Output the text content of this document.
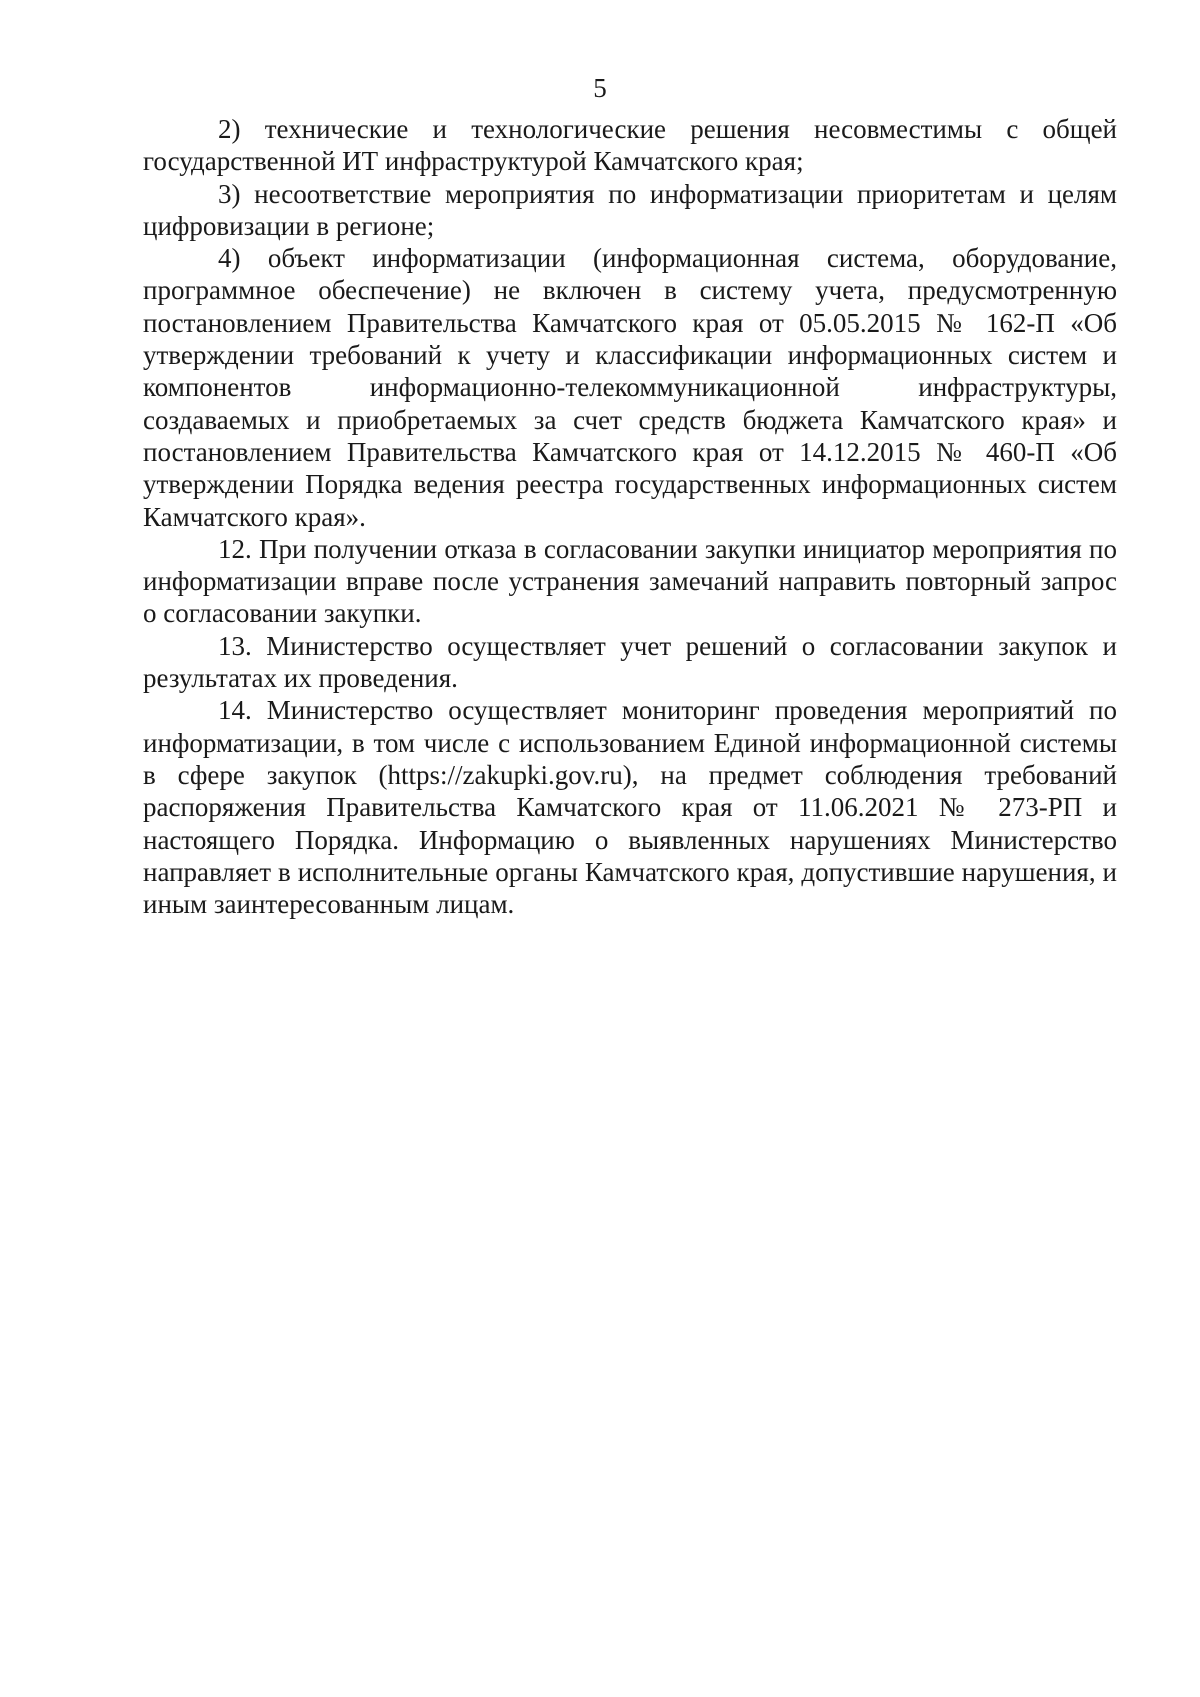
5

2) технические и технологические решения несовместимы с общей государственной ИТ инфраструктурой Камчатского края;

3) несоответствие мероприятия по информатизации приоритетам и целям цифровизации в регионе;

4) объект информатизации (информационная система, оборудование, программное обеспечение) не включен в систему учета, предусмотренную постановлением Правительства Камчатского края от 05.05.2015 № 162-П «Об утверждении требований к учету и классификации информационных систем и компонентов информационно-телекоммуникационной инфраструктуры, создаваемых и приобретаемых за счет средств бюджета Камчатского края» и постановлением Правительства Камчатского края от 14.12.2015 № 460-П «Об утверждении Порядка ведения реестра государственных информационных систем Камчатского края».

12. При получении отказа в согласовании закупки инициатор мероприятия по информатизации вправе после устранения замечаний направить повторный запрос о согласовании закупки.

13. Министерство осуществляет учет решений о согласовании закупок и результатах их проведения.

14. Министерство осуществляет мониторинг проведения мероприятий по информатизации, в том числе с использованием Единой информационной системы в сфере закупок (https://zakupki.gov.ru), на предмет соблюдения требований распоряжения Правительства Камчатского края от 11.06.2021 № 273-РП и настоящего Порядка. Информацию о выявленных нарушениях Министерство направляет в исполнительные органы Камчатского края, допустившие нарушения, и иным заинтересованным лицам.
